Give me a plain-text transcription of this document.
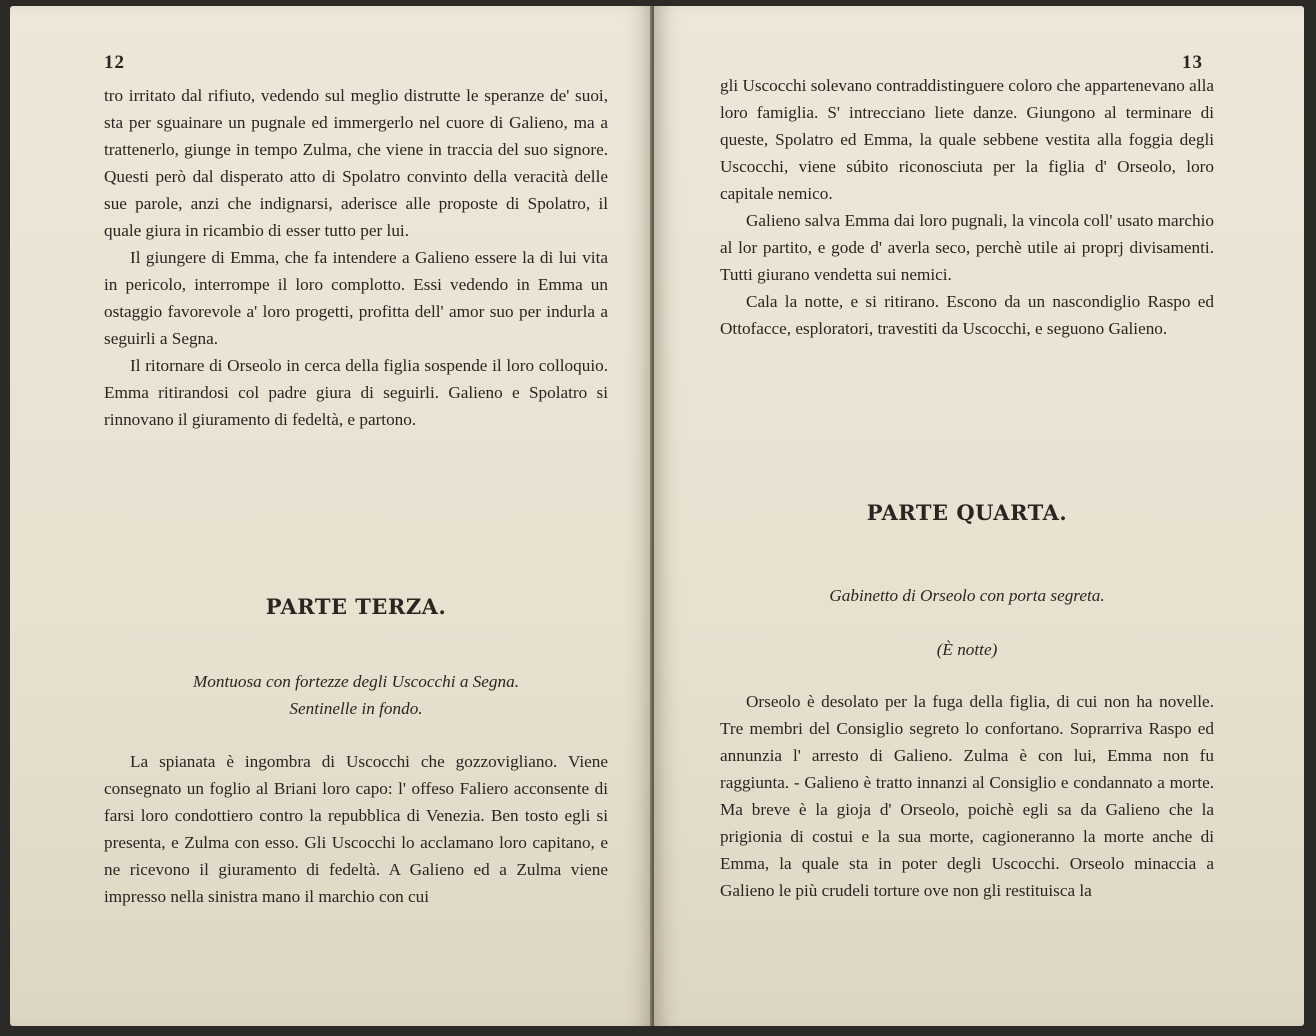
12

tro irritato dal rifiuto, vedendo sul meglio distrutte le speranze de' suoi, sta per sguainare un pugnale ed immergerlo nel cuore di Galieno, ma a trattenerlo, giunge in tempo Zulma, che viene in traccia del suo signore. Questi però dal disperato atto di Spolatro convinto della veracità delle sue parole, anzi che indignarsi, aderisce alle proposte di Spolatro, il quale giura in ricambio di esser tutto per lui.

Il giungere di Emma, che fa intendere a Galieno essere la di lui vita in pericolo, interrompe il loro complotto. Essi vedendo in Emma un ostaggio favorevole a' loro progetti, profitta dell' amor suo per indurla a seguirli a Segna.

Il ritornare di Orseolo in cerca della figlia sospende il loro colloquio. Emma ritirandosi col padre giura di seguirli. Galieno e Spolatro si rinnovano il giuramento di fedeltà, e partono.

PARTE TERZA.
Montuosa con fortezze degli Uscocchi a Segna.
Sentinelle in fondo.

La spianata è ingombra di Uscocchi che gozzovigliano. Viene consegnato un foglio al Briani loro capo: l' offeso Faliero acconsente di farsi loro condottiero contro la repubblica di Venezia. Ben tosto egli si presenta, e Zulma con esso. Gli Uscocchi lo acclamano loro capitano, e ne ricevono il giuramento di fedeltà. A Galieno ed a Zulma viene impresso nella sinistra mano il marchio con cui

13

gli Uscocchi solevano contraddistinguere coloro che appartenevano alla loro famiglia. S' intrecciano liete danze. Giungono al terminare di queste, Spolatro ed Emma, la quale sebbene vestita alla foggia degli Uscocchi, viene súbito riconosciuta per la figlia d' Orseolo, loro capitale nemico.

Galieno salva Emma dai loro pugnali, la vincola coll' usato marchio al lor partito, e gode d' averla seco, perchè utile ai proprj divisamenti. Tutti giurano vendetta sui nemici.

Cala la notte, e si ritirano. Escono da un nascondiglio Raspo ed Ottofacce, esploratori, travestiti da Uscocchi, e seguono Galieno.

PARTE QUARTA.
Gabinetto di Orseolo con porta segreta.
(È notte)

Orseolo è desolato per la fuga della figlia, di cui non ha novelle. Tre membri del Consiglio segreto lo confortano. Soprarriva Raspo ed annunzia l' arresto di Galieno. Zulma è con lui, Emma non fu raggiunta. - Galieno è tratto innanzi al Consiglio e condannato a morte. Ma breve è la gioja d' Orseolo, poichè egli sa da Galieno che la prigionia di costui e la sua morte, cagioneranno la morte anche di Emma, la quale sta in poter degli Uscocchi. Orseolo minaccia a Galieno le più crudeli torture ove non gli restituisca la
